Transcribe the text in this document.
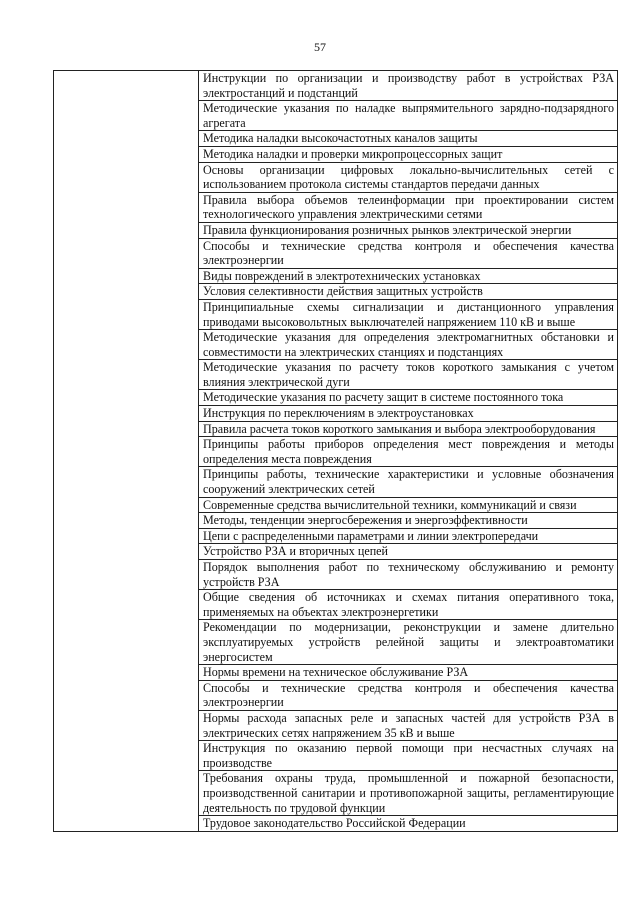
57

Инструкции по организации и производству работ в устройствах РЗА электростанций и подстанций

Методические указания по наладке выпрямительного зарядно-подзарядного агрегата

Методика наладки высокочастотных каналов защиты

Методика наладки и проверки микропроцессорных защит

Основы организации цифровых локально-вычислительных сетей с использованием протокола системы стандартов передачи данных

Правила выбора объемов телеинформации при проектировании систем технологического управления электрическими сетями

Правила функционирования розничных рынков электрической энергии

Способы и технические средства контроля и обеспечения качества электроэнергии

Виды повреждений в электротехнических установках

Условия селективности действия защитных устройств

Принципиальные схемы сигнализации и дистанционного управления приводами высоковольтных выключателей напряжением 110 кВ и выше

Методические указания для определения электромагнитных обстановки и совместимости на электрических станциях и подстанциях

Методические указания по расчету токов короткого замыкания с учетом влияния электрической дуги

Методические указания по расчету защит в системе постоянного тока

Инструкция по переключениям в электроустановках

Правила расчета токов короткого замыкания и выбора электрооборудования

Принципы работы приборов определения мест повреждения и методы определения места повреждения

Принципы работы, технические характеристики и условные обозначения сооружений электрических сетей

Современные средства вычислительной техники, коммуникаций и связи

Методы, тенденции энергосбережения и энергоэффективности

Цепи с распределенными параметрами и линии электропередачи

Устройство РЗА и вторичных цепей

Порядок выполнения работ по техническому обслуживанию и ремонту устройств РЗА

Общие сведения об источниках и схемах питания оперативного тока, применяемых на объектах электроэнергетики

Рекомендации по модернизации, реконструкции и замене длительно эксплуатируемых устройств релейной защиты и электроавтоматики энергосистем

Нормы времени на техническое обслуживание РЗА

Способы и технические средства контроля и обеспечения качества электроэнергии

Нормы расхода запасных реле и запасных частей для устройств РЗА в электрических сетях напряжением 35 кВ и выше

Инструкция по оказанию первой помощи при несчастных случаях на производстве

Требования охраны труда, промышленной и пожарной безопасности, производственной санитарии и противопожарной защиты, регламентирующие деятельность по трудовой функции

Трудовое законодательство Российской Федерации
